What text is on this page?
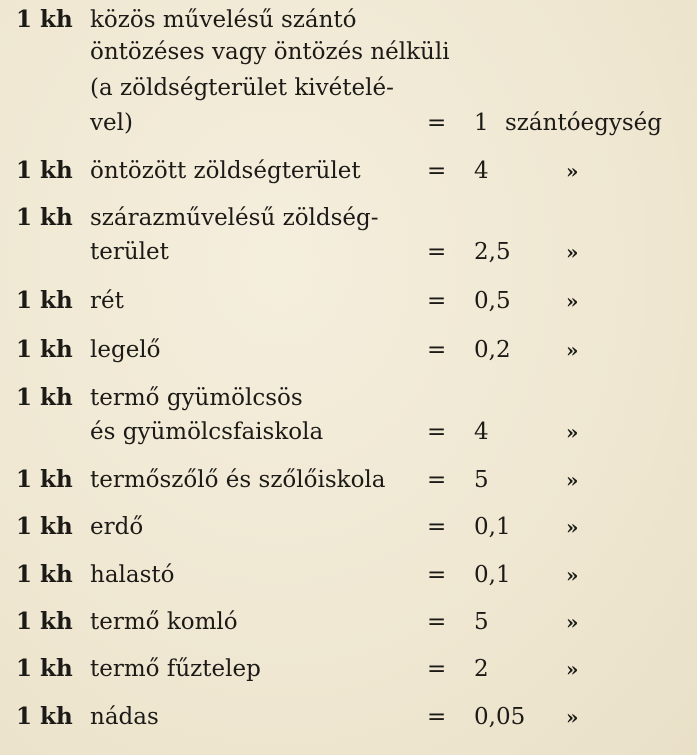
1 kh közös művelésű szántó
öntözéses vagy öntözés nélküli
(a zöldségterület kivételé-
vel)	= 1 szántóegység
1 kh öntözött zöldségterület	= 4	»
1 kh szárazművelésű zöldség-
terület	= 2,5	»
1 kh rét	= 0,5	»
1 kh legelő	= 0,2	»
1 kh termő gyümölcsös
és gyümölcsfaiskola	= 4	»
1 kh termőszőlő és szőlőiskola = 5	»
1 kh erdő	= 0,1	»
1 kh halastó	= 0,1	»
1 kh termő komló	= 5	»
1 kh termő fűztelep	= 2	»
1 kh nádas	= 0,05 »
